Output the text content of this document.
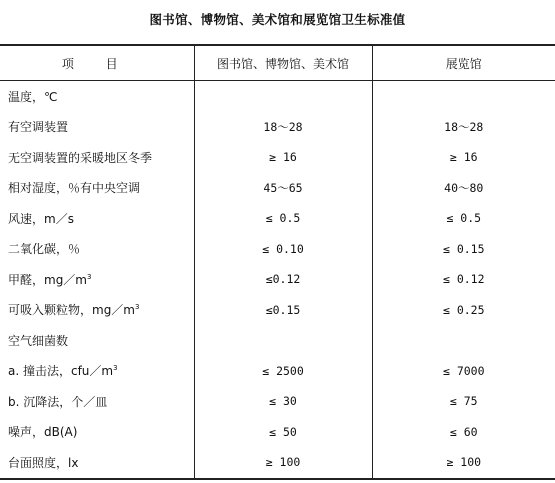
图书馆、博物馆、美术馆和展览馆卫生标准值
项 目	图书馆、博物馆、美术馆	展览馆
温度，℃		
有空调装置	18～28	18～28
无空调装置的采暖地区冬季	≥ 16	≥ 16
相对湿度，％有中央空调	45～65	40～80
风速，m／s	≤ 0.5	≤ 0.5
二氧化碳，％	≤ 0.10	≤ 0.15
甲醛，$mg/m^3$	≤0.12	≤ 0.12
可吸入颗粒物，$mg/m^3$	≤0.15	≤ 0.25
空气细菌数		
a. 撞击法，$cfu/m^3$	≤ 2500	≤ 7000
b. 沉降法，个／皿	≤ 30	≤ 75
噪声，dB(A)	≤ 50	≤ 60
台面照度，lx	≥ 100	≥ 100
